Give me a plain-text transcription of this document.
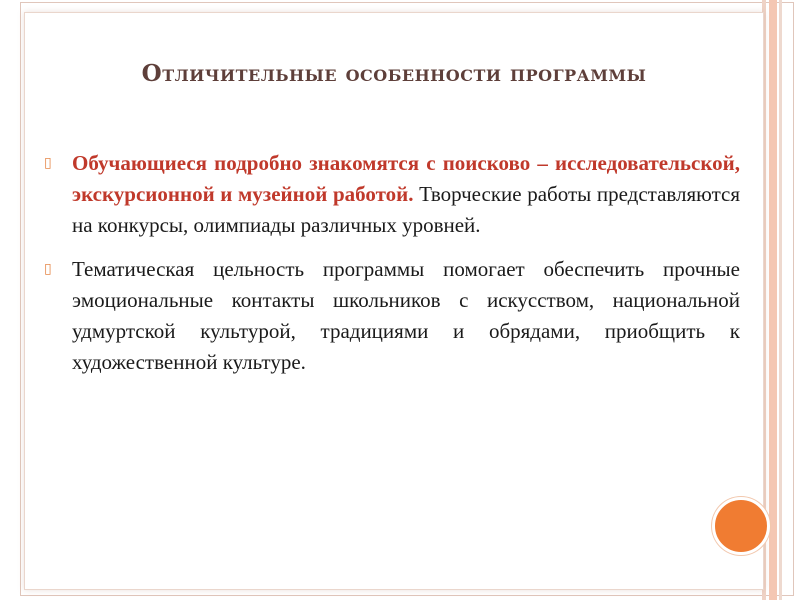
Отличительные особенности программы
▯ Обучающиеся подробно знакомятся с поисково – исследовательской, экскурсионной и музейной работой. Творческие работы представляются на конкурсы, олимпиады различных уровней.
▯ Тематическая цельность программы помогает обеспечить прочные эмоциональные контакты школьников с искусством, национальной удмуртской культурой, традициями и обрядами, приобщить к художественной культуре.
